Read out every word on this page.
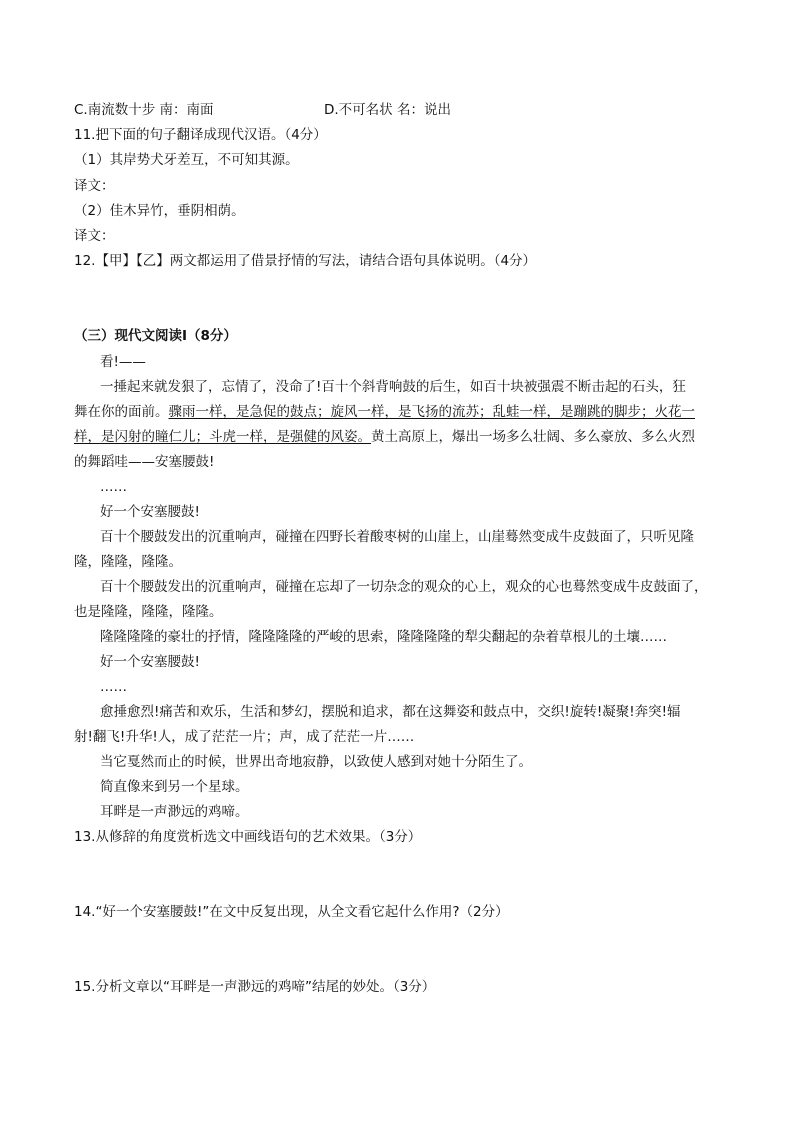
C.南流数十步 南：南面	D.不可名状 名：说出
11.把下面的句子翻译成现代汉语。（4分）
（1）其岸势犬牙差互，不可知其源。
译文：
（2）佳木异竹，垂阴相荫。
译文：
12.【甲】【乙】两文都运用了借景抒情的写法，请结合语句具体说明。（4分）
（三）现代文阅读Ⅰ（8分）
看!——
一捶起来就发狠了，忘情了，没命了!百十个斜背响鼓的后生，如百十块被强震不断击起的石头，狂
舞在你的面前。骤雨一样，是急促的鼓点；旋风一样，是飞扬的流苏；乱蛙一样，是蹦跳的脚步；火花一
样，是闪射的瞳仁儿；斗虎一样，是强健的风姿。黄土高原上，爆出一场多么壮阔、多么豪放、多么火烈
的舞蹈哇——安塞腰鼓!
……
好一个安塞腰鼓!
百十个腰鼓发出的沉重响声，碰撞在四野长着酸枣树的山崖上，山崖蓦然变成牛皮鼓面了，只听见隆
隆，隆隆，隆隆。
百十个腰鼓发出的沉重响声，碰撞在忘却了一切杂念的观众的心上，观众的心也蓦然变成牛皮鼓面了，
也是隆隆，隆隆，隆隆。
隆隆隆隆的豪壮的抒情，隆隆隆隆的严峻的思索，隆隆隆隆的犁尖翻起的杂着草根儿的土壤……
好一个安塞腰鼓!
……
愈捶愈烈!痛苦和欢乐，生活和梦幻，摆脱和追求，都在这舞姿和鼓点中，交织!旋转!凝聚!奔突!辐
射!翻飞!升华!人，成了茫茫一片；声，成了茫茫一片……
当它戛然而止的时候，世界出奇地寂静，以致使人感到对她十分陌生了。
简直像来到另一个星球。
耳畔是一声渺远的鸡啼。
13.从修辞的角度赏析选文中画线语句的艺术效果。（3分）
14.“好一个安塞腰鼓!”在文中反复出现，从全文看它起什么作用?（2分）
15.分析文章以“耳畔是一声渺远的鸡啼”结尾的妙处。（3分）
